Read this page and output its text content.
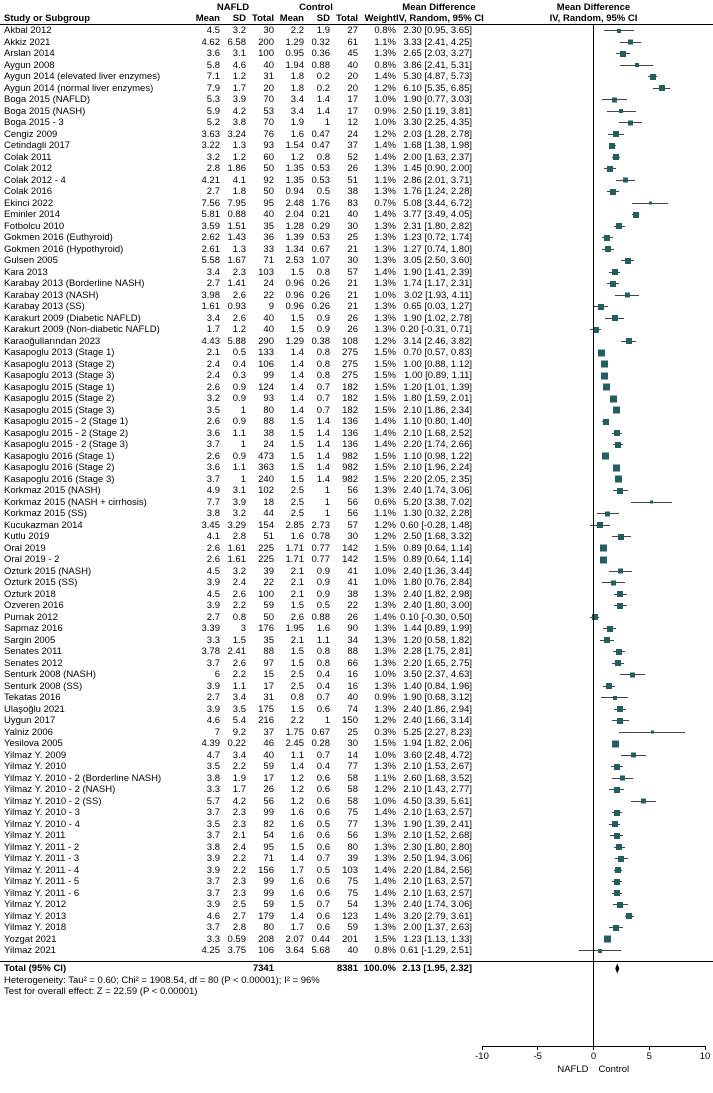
NAFLD	Control	Mean Difference	Mean Difference
Study or Subgroup	Mean	SD Total Mean	SD Total Weight IV, Random, 95% CI	IV, Random, 95% CI
Akbal 2012	4.5	3.2	30	2.2	1.9	27	0.8% 2.30 [0.95, 3.65]
Akkiz 2021	4.62 6.58	200	1.29 0.32	61	1.1% 3.33 [2.41, 4.25]
Arslan 2014	3.6	3.1	100	0.95 0.36	45	1.3% 2.65 [2.03, 3.27]
Aygun 2008	5.8	4.6	40	1.94 0.88	40	0.8% 3.86 [2.41, 5.31]
Aygun 2014 (elevated liver enzymes)	7.1	1.2	31	1.8	0.2	20	1.4% 5.30 [4.87, 5.73]
Aygun 2014 (normal liver enzymes)	7.9	1.7	20	1.8	0.2	20	1.2% 6.10 [5.35, 6.85]
Boga 2015 (NAFLD)	5.3	3.9	70	3.4	1.4	17	1.0% 1.90 [0.77, 3.03]
Boga 2015 (NASH)	5.9	4.2	53	3.4	1.4	17	0.9% 2.50 [1.19, 3.81]
Boga 2015 - 3	5.2	3.8	70	1.9	1	12	1.0% 3.30 [2.25, 4.35]
Cengiz 2009	3.63 3.24	76	1.6 0.47	24	1.2% 2.03 [1.28, 2.78]
Cetindagli 2017	3.22	1.3	93	1.54 0.47	37	1.4% 1.68 [1.38, 1.98]
Colak 2011	3.2	1.2	60	1.2	0.8	52	1.4% 2.00 [1.63, 2.37]
Colak 2012	2.8 1.86	50	1.35 0.53	26	1.3% 1.45 [0.90, 2.00]
Colak 2012 - 4	4.21	4.1	92	1.35 0.53	51	1.1% 2.86 [2.01, 3.71]
Colak 2016	2.7	1.8	50	0.94	0.5	38	1.3% 1.76 [1.24, 2.28]
Ekinci 2022	7.56 7.95	95	2.48 1.76	83	0.7% 5.08 [3.44, 6.72]
Eminler 2014	5.81 0.88	40	2.04 0.21	40	1.4% 3.77 [3.49, 4.05]
Fotbolcu 2010	3.59 1.51	35	1.28 0.29	30	1.3% 2.31 [1.80, 2.82]
Gokmen 2016 (Euthyroid)	2.62 1.43	36	1.39 0.53	25	1.3% 1.23 [0.72, 1.74]
Gokmen 2016 (Hypothyroid)	2.61	1.3	33	1.34 0.67	21	1.3% 1.27 [0.74, 1.80]
Gulsen 2005	5.58 1.67	71	2.53 1.07	30	1.3% 3.05 [2.50, 3.60]
Kara 2013	3.4	2.3	103	1.5	0.8	57	1.4% 1.90 [1.41, 2.39]
Karabay 2013 (Borderline NASH)	2.7 1.41	24	0.96 0.26	21	1.3% 1.74 [1.17, 2.31]
Karabay 2013 (NASH)	3.98	2.6	22	0.96 0.26	21	1.0% 3.02 [1.93, 4.11]
Karabay 2013 (SS)	1.61 0.93	9	0.96 0.26	21	1.3% 0.65 [0.03, 1.27]
Karakurt 2009 (Diabetic NAFLD)	3.4	2.6	40	1.5	0.9	26	1.3% 1.90 [1.02, 2.78]
Karakurt 2009 (Non-diabetic NAFLD)	1.7	1.2	40	1.5	0.9	26	1.3% 0.20 [-0.31, 0.71]
Karaoğullarından 2023	4.43 5.88	290	1.29 0.38	108	1.2% 3.14 [2.46, 3.82]
Kasapoglu 2013 (Stage 1)	2.1	0.5	133	1.4	0.8	275	1.5% 0.70 [0.57, 0.83]
Kasapoglu 2013 (Stage 2)	2.4	0.4	106	1.4	0.8	275	1.5% 1.00 [0.88, 1.12]
Kasapoglu 2013 (Stage 3)	2.4	0.3	99	1.4	0.8	275	1.5% 1.00 [0.89, 1.11]
Kasapoglu 2015 (Stage 1)	2.6	0.9	124	1.4	0.7	182	1.5% 1.20 [1.01, 1.39]
Kasapoglu 2015 (Stage 2)	3.2	0.9	93	1.4	0.7	182	1.5% 1.80 [1.59, 2.01]
Kasapoglu 2015 (Stage 3)	3.5	1	80	1.4	0.7	182	1.5% 2.10 [1.86, 2.34]
Kasapoglu 2015 - 2 (Stage 1)	2.6	0.9	88	1.5	1.4	136	1.4% 1.10 [0.80, 1.40]
Kasapoglu 2015 - 2 (Stage 2)	3.6	1.1	38	1.5	1.4	136	1.4% 2.10 [1.68, 2.52]
Kasapoglu 2015 - 2 (Stage 3)	3.7	1	24	1.5	1.4	136	1.4% 2.20 [1.74, 2.66]
Kasapoglu 2016 (Stage 1)	2.6	0.9	473	1.5	1.4	982	1.5% 1.10 [0.98, 1.22]
Kasapoglu 2016 (Stage 2)	3.6	1.1	363	1.5	1.4	982	1.5% 2.10 [1.96, 2.24]
Kasapoglu 2016 (Stage 3)	3.7	1	240	1.5	1.4	982	1.5% 2.20 [2.05, 2.35]
Korkmaz 2015 (NASH)	4.9	3.1	102	2.5	1	56	1.3% 2.40 [1.74, 3.06]
Korkmaz 2015 (NASH + cirrhosis)	7.7	3.9	18	2.5	1	56	0.6% 5.20 [3.38, 7.02]
Korkmaz 2015 (SS)	3.8	3.2	44	2.5	1	56	1.1% 1.30 [0.32, 2.28]
Kucukazman 2014	3.45 3.29	154	2.85 2.73	57	1.2% 0.60 [-0.28, 1.48]
Kutlu 2019	4.1	2.8	51	1.6 0.78	30	1.2% 2.50 [1.68, 3.32]
Oral 2019	2.6 1.61	225	1.71 0.77	142	1.5% 0.89 [0.64, 1.14]
Oral 2019 - 2	2.6 1.61	225	1.71 0.77	142	1.5% 0.89 [0.64, 1.14]
Ozturk 2015 (NASH)	4.5	3.2	39	2.1	0.9	41	1.0% 2.40 [1.36, 3.44]
Ozturk 2015 (SS)	3.9	2.4	22	2.1	0.9	41	1.0% 1.80 [0.76, 2.84]
Ozturk 2018	4.5	2.6	100	2.1	0.9	38	1.3% 2.40 [1.82, 2.98]
Ozveren 2016	3.9	2.2	59	1.5	0.5	22	1.3% 2.40 [1.80, 3.00]
Purnak 2012	2.7	0.8	50	2.6 0.88	26	1.4% 0.10 [-0.30, 0.50]
Sapmaz 2016	3.39	3	176	1.95	1.6	90	1.3% 1.44 [0.89, 1.99]
Sargin 2005	3.3	1.5	35	2.1	1.1	34	1.3% 1.20 [0.58, 1.82]
Senates 2011	3.78 2.41	88	1.5	0.8	88	1.3% 2.28 [1.75, 2.81]
Senates 2012	3.7	2.6	97	1.5	0.8	66	1.3% 2.20 [1.65, 2.75]
Senturk 2008 (NASH)	6	2.2	15	2.5	0.4	16	1.0% 3.50 [2.37, 4.63]
Senturk 2008 (SS)	3.9	1.1	17	2.5	0.4	16	1.3% 1.40 [0.84, 1.96]
Tekatas 2016	2.7	3.4	31	0.8	0.7	40	0.9% 1.90 [0.68, 3.12]
Ulaşoğlu 2021	3.9	3.5	175	1.5	0.6	74	1.3% 2.40 [1.86, 2.94]
Uygun 2017	4.6	5.4	216	2.2	1	150	1.2% 2.40 [1.66, 3.14]
Yalniz 2006	7	9.2	37	1.75 0.67	25	0.3% 5.25 [2.27, 8.23]
Yesilova 2005	4.39 0.22	46	2.45 0.28	30	1.5% 1.94 [1.82, 2.06]
Yilmaz Y. 2009	4.7	3.4	40	1.1	0.7	14	1.0% 3.60 [2.48, 4.72]
Yilmaz Y. 2010	3.5	2.2	59	1.4	0.4	77	1.3% 2.10 [1.53, 2.67]
Yilmaz Y. 2010 - 2 (Borderline NASH)	3.8	1.9	17	1.2	0.6	58	1.1% 2.60 [1.68, 3.52]
Yilmaz Y. 2010 - 2 (NASH)	3.3	1.7	26	1.2	0.6	58	1.2% 2.10 [1.43, 2.77]
Yilmaz Y. 2010 - 2 (SS)	5.7	4.2	56	1.2	0.6	58	1.0% 4.50 [3.39, 5.61]
Yilmaz Y. 2010 - 3	3.7	2.3	99	1.6	0.6	75	1.4% 2.10 [1.63, 2.57]
Yilmaz Y. 2010 - 4	3.5	2.3	82	1.6	0.5	77	1.3% 1.90 [1.39, 2.41]
Yilmaz Y. 2011	3.7	2.1	54	1.6	0.6	56	1.3% 2.10 [1.52, 2.68]
Yilmaz Y. 2011 - 2	3.8	2.4	95	1.5	0.6	80	1.3% 2.30 [1.80, 2.80]
Yilmaz Y. 2011 - 3	3.9	2.2	71	1.4	0.7	39	1.3% 2.50 [1.94, 3.06]
Yilmaz Y. 2011 - 4	3.9	2.2	156	1.7	0.5	103	1.4% 2.20 [1.84, 2.56]
Yilmaz Y. 2011 - 5	3.7	2.3	99	1.6	0.6	75	1.4% 2.10 [1.63, 2.57]
Yilmaz Y. 2011 - 6	3.7	2.3	99	1.6	0.6	75	1.4% 2.10 [1.63, 2.57]
Yilmaz Y. 2012	3.9	2.5	59	1.5	0.7	54	1.3% 2.40 [1.74, 3.06]
Yilmaz Y. 2013	4.6	2.7	179	1.4	0.6	123	1.4% 3.20 [2.79, 3.61]
Yilmaz Y. 2018	3.7	2.8	80	1.7	0.6	59	1.3% 2.00 [1.37, 2.63]
Yozgat 2021	3.3 0.59	208	2.07 0.44	201	1.5% 1.23 [1.13, 1.33]
Yilmaz 2021	4.25 3.75	106	3.64 5.68	40	0.8% 0.61 [-1.29, 2.51]
Total (95% CI)	7341	8381 100.0% 2.13 [1.95, 2.32]
Heterogeneity: Tau² = 0.60; Chi² = 1908.54, df = 80 (P < 0.00001); I² = 96%
Test for overall effect: Z = 22.59 (P < 0.00001)
NAFLD Control
-10	-5	0	5	10
